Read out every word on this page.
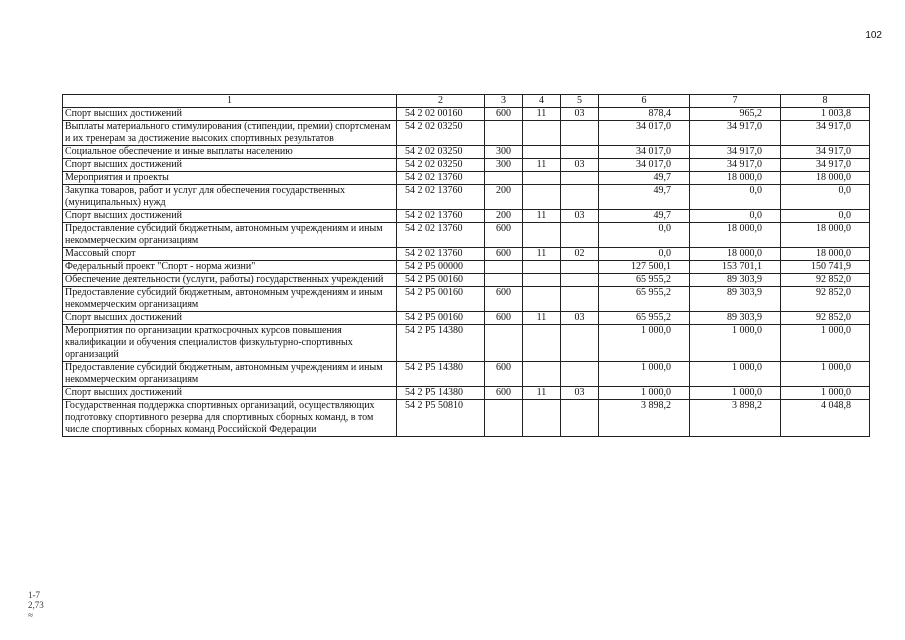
102
1	2	3	4	5	6	7	8
Спорт высших достижений	54 2 02 00160	600	11	03	878,4	965,2	1 003,8
Выплаты материального стимулирования (стипендии, премии) спортсменам и их тренерам за достижение высоких спортивных результатов	54 2 02 03250				34 017,0	34 917,0	34 917,0
Социальное обеспечение и иные выплаты населению	54 2 02 03250	300			34 017,0	34 917,0	34 917,0
Спорт высших достижений	54 2 02 03250	300	11	03	34 017,0	34 917,0	34 917,0
Мероприятия и проекты	54 2 02 13760				49,7	18 000,0	18 000,0
Закупка товаров, работ и услуг для обеспечения государственных (муниципальных) нужд	54 2 02 13760	200			49,7	0,0	0,0
Спорт высших достижений	54 2 02 13760	200	11	03	49,7	0,0	0,0
Предоставление субсидий бюджетным, автономным учреждениям и иным некоммерческим организациям	54 2 02 13760	600			0,0	18 000,0	18 000,0
Массовый спорт	54 2 02 13760	600	11	02	0,0	18 000,0	18 000,0
Федеральный проект "Спорт - норма жизни"	54 2 P5 00000				127 500,1	153 701,1	150 741,9
Обеспечение деятельности (услуги, работы) государственных учреждений	54 2 P5 00160				65 955,2	89 303,9	92 852,0
Предоставление субсидий бюджетным, автономным учреждениям и иным некоммерческим организациям	54 2 P5 00160	600			65 955,2	89 303,9	92 852,0
Спорт высших достижений	54 2 P5 00160	600	11	03	65 955,2	89 303,9	92 852,0
Мероприятия по организации краткосрочных курсов повышения квалификации и обучения специалистов физкультурно-спортивных организаций	54 2 P5 14380				1 000,0	1 000,0	1 000,0
Предоставление субсидий бюджетным, автономным учреждениям и иным некоммерческим организациям	54 2 P5 14380	600			1 000,0	1 000,0	1 000,0
Спорт высших достижений	54 2 P5 14380	600	11	03	1 000,0	1 000,0	1 000,0
Государственная поддержка спортивных организаций, осуществляющих подготовку спортивного резерва для спортивных сборных команд, в том числе спортивных сборных команд Российской Федерации	54 2 P5 50810				3 898,2	3 898,2	4 048,8
1-7
2,73
≈
